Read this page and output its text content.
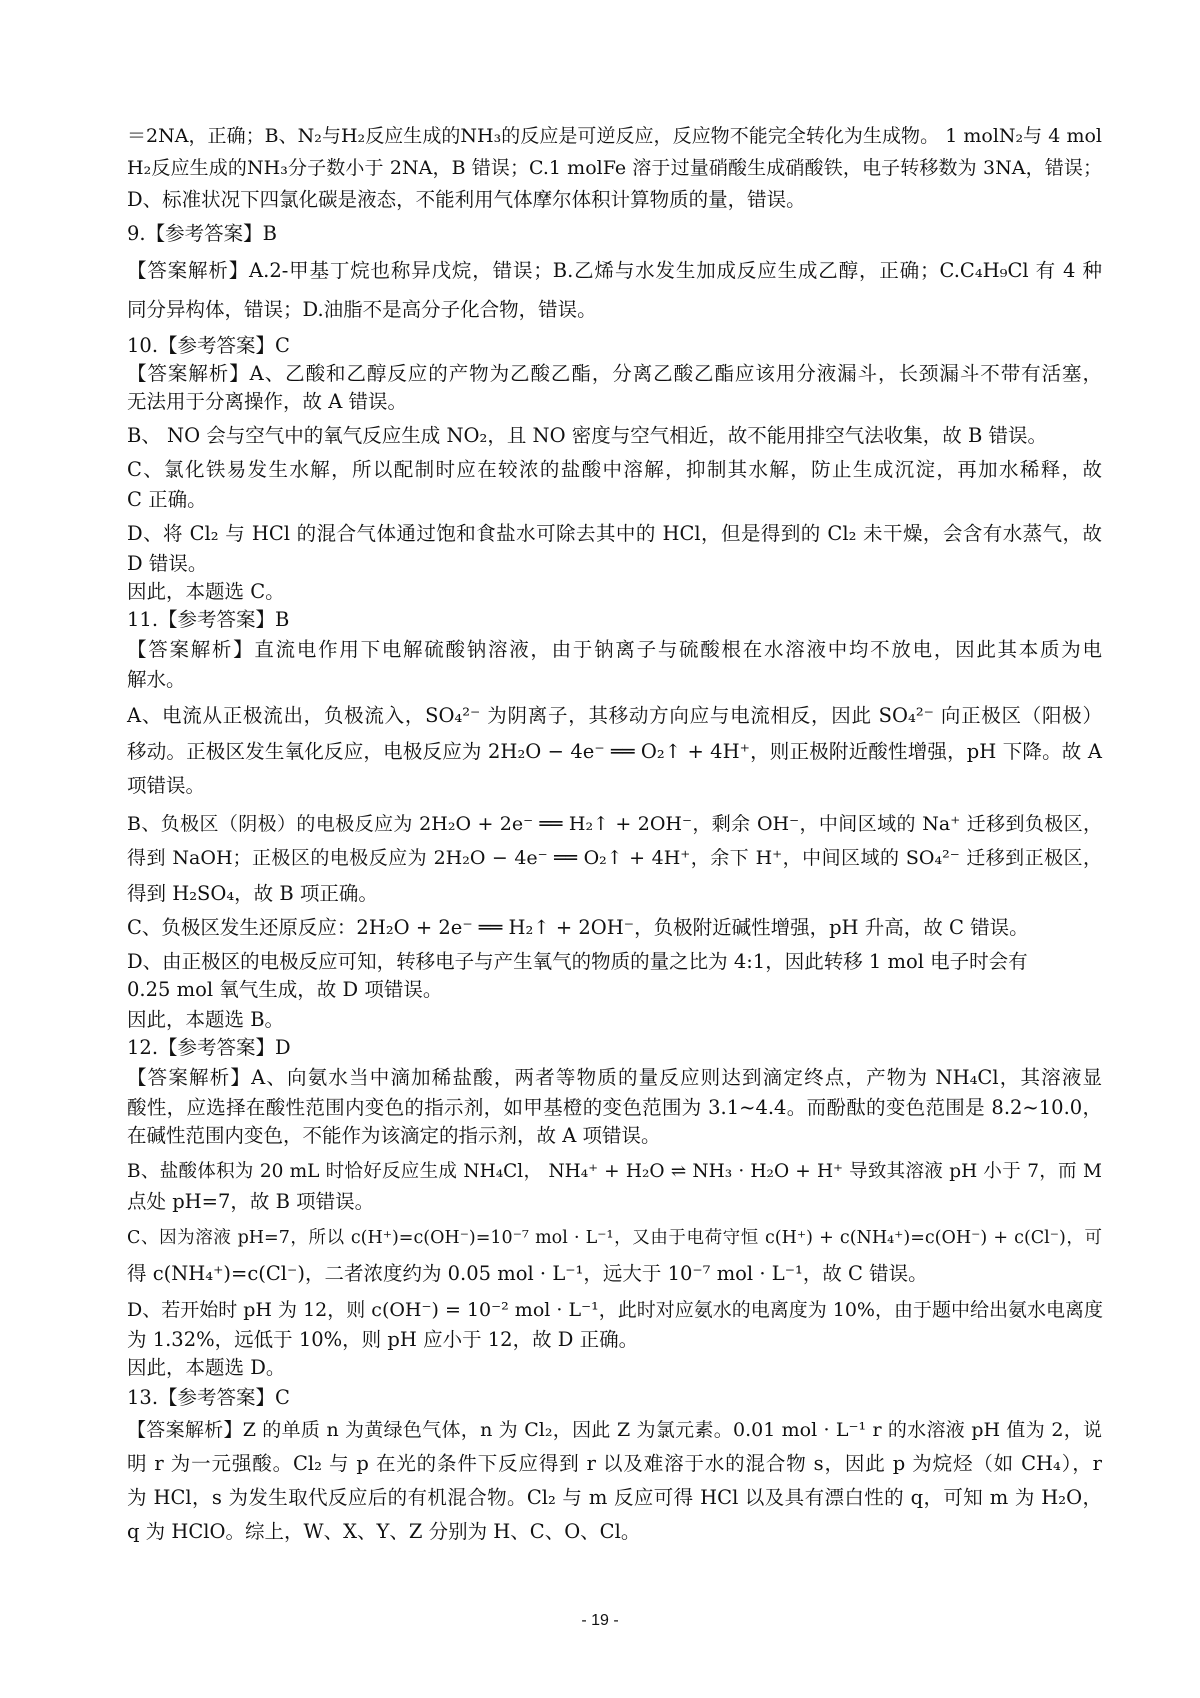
＝2NA，正确；B、N₂与H₂反应生成的NH₃的反应是可逆反应，反应物不能完全转化为生成物。 1 molN₂与 4 mol
H₂反应生成的NH₃分子数小于 2NA，B 错误；C.1 molFe 溶于过量硝酸生成硝酸铁，电子转移数为 3NA，错误；
D、标准状况下四氯化碳是液态，不能利用气体摩尔体积计算物质的量，错误。
9.【参考答案】B
【答案解析】A.2-甲基丁烷也称异戊烷，错误；B.乙烯与水发生加成反应生成乙醇，正确；C.C₄H₉Cl 有 4 种
同分异构体，错误；D.油脂不是高分子化合物，错误。
10.【参考答案】C
【答案解析】A、乙酸和乙醇反应的产物为乙酸乙酯，分离乙酸乙酯应该用分液漏斗，长颈漏斗不带有活塞，
无法用于分离操作，故 A 错误。
B、 NO 会与空气中的氧气反应生成 NO₂，且 NO 密度与空气相近，故不能用排空气法收集，故 B 错误。
C、氯化铁易发生水解，所以配制时应在较浓的盐酸中溶解，抑制其水解，防止生成沉淀，再加水稀释，故
C 正确。
D、将 Cl₂ 与 HCl 的混合气体通过饱和食盐水可除去其中的 HCl，但是得到的 Cl₂ 未干燥，会含有水蒸气，故
D 错误。
因此，本题选 C。
11.【参考答案】B
【答案解析】直流电作用下电解硫酸钠溶液，由于钠离子与硫酸根在水溶液中均不放电，因此其本质为电
解水。
A、电流从正极流出，负极流入，SO₄²⁻ 为阴离子，其移动方向应与电流相反，因此 SO₄²⁻ 向正极区（阳极）
移动。正极区发生氧化反应，电极反应为 2H₂O − 4e⁻ ══ O₂↑ + 4H⁺，则正极附近酸性增强，pH 下降。故 A
项错误。
B、负极区（阴极）的电极反应为 2H₂O + 2e⁻ ══ H₂↑ + 2OH⁻，剩余 OH⁻，中间区域的 Na⁺ 迁移到负极区，
得到 NaOH；正极区的电极反应为 2H₂O − 4e⁻ ══ O₂↑ + 4H⁺，余下 H⁺，中间区域的 SO₄²⁻ 迁移到正极区，
得到 H₂SO₄，故 B 项正确。
C、负极区发生还原反应：2H₂O + 2e⁻ ══ H₂↑ + 2OH⁻，负极附近碱性增强，pH 升高，故 C 错误。
D、由正极区的电极反应可知，转移电子与产生氧气的物质的量之比为 4:1，因此转移 1 mol 电子时会有
0.25 mol 氧气生成，故 D 项错误。
因此，本题选 B。
12.【参考答案】D
【答案解析】A、向氨水当中滴加稀盐酸，两者等物质的量反应则达到滴定终点，产物为 NH₄Cl，其溶液显
酸性，应选择在酸性范围内变色的指示剂，如甲基橙的变色范围为 3.1~4.4。而酚酞的变色范围是 8.2~10.0，
在碱性范围内变色，不能作为该滴定的指示剂，故 A 项错误。
B、盐酸体积为 20 mL 时恰好反应生成 NH₄Cl， NH₄⁺ + H₂O ⇌ NH₃ · H₂O + H⁺ 导致其溶液 pH 小于 7，而 M
点处 pH=7，故 B 项错误。
C、因为溶液 pH=7，所以 c(H⁺)=c(OH⁻)=10⁻⁷ mol · L⁻¹，又由于电荷守恒 c(H⁺) + c(NH₄⁺)=c(OH⁻) + c(Cl⁻)，可
得 c(NH₄⁺)=c(Cl⁻)，二者浓度约为 0.05 mol · L⁻¹，远大于 10⁻⁷ mol · L⁻¹，故 C 错误。
D、若开始时 pH 为 12，则 c(OH⁻) = 10⁻² mol · L⁻¹，此时对应氨水的电离度为 10%，由于题中给出氨水电离度
为 1.32%，远低于 10%，则 pH 应小于 12，故 D 正确。
因此，本题选 D。
13.【参考答案】C
【答案解析】Z 的单质 n 为黄绿色气体，n 为 Cl₂，因此 Z 为氯元素。0.01 mol · L⁻¹ r 的水溶液 pH 值为 2，说
明 r 为一元强酸。Cl₂ 与 p 在光的条件下反应得到 r 以及难溶于水的混合物 s，因此 p 为烷烃（如 CH₄），r
为 HCl，s 为发生取代反应后的有机混合物。Cl₂ 与 m 反应可得 HCl 以及具有漂白性的 q，可知 m 为 H₂O，
q 为 HClO。综上，W、X、Y、Z 分别为 H、C、O、Cl。
- 19 -
